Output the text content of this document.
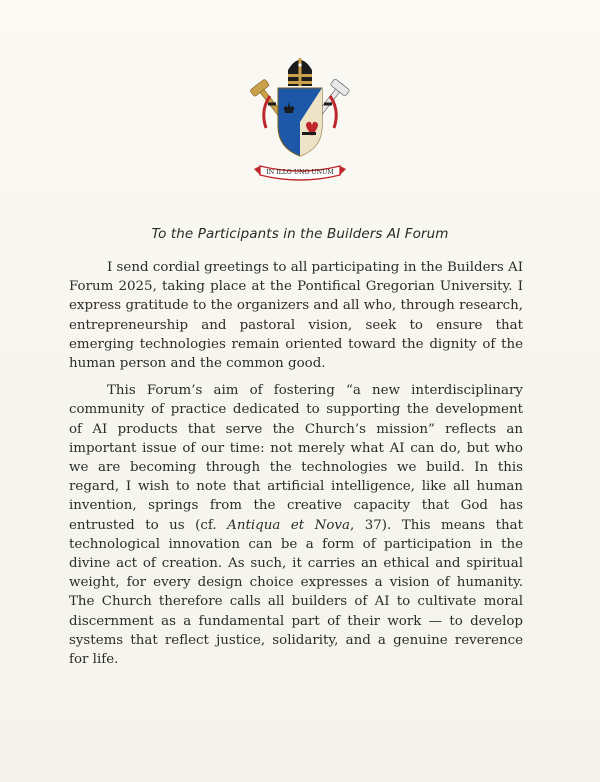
IN ILLO UNO UNUM
To the Participants in the Builders AI Forum

I send cordial greetings to all participating in the Builders AI Forum 2025, taking place at the Pontifical Gregorian University. I express gratitude to the organizers and all who, through research, entrepreneurship and pastoral vision, seek to ensure that emerging technologies remain oriented toward the dignity of the human person and the common good.

This Forum’s aim of fostering “a new interdisciplinary community of practice dedicated to supporting the development of AI products that serve the Church’s mission” reflects an important issue of our time: not merely what AI can do, but who we are becoming through the technologies we build. In this regard, I wish to note that artificial intelligence, like all human invention, springs from the creative capacity that God has entrusted to us (cf. Antiqua et Nova, 37). This means that technological innovation can be a form of participation in the divine act of creation. As such, it carries an ethical and spiritual weight, for every design choice expresses a vision of humanity. The Church therefore calls all builders of AI to cultivate moral discernment as a fundamental part of their work — to develop systems that reflect justice, solidarity, and a genuine reverence for life.
